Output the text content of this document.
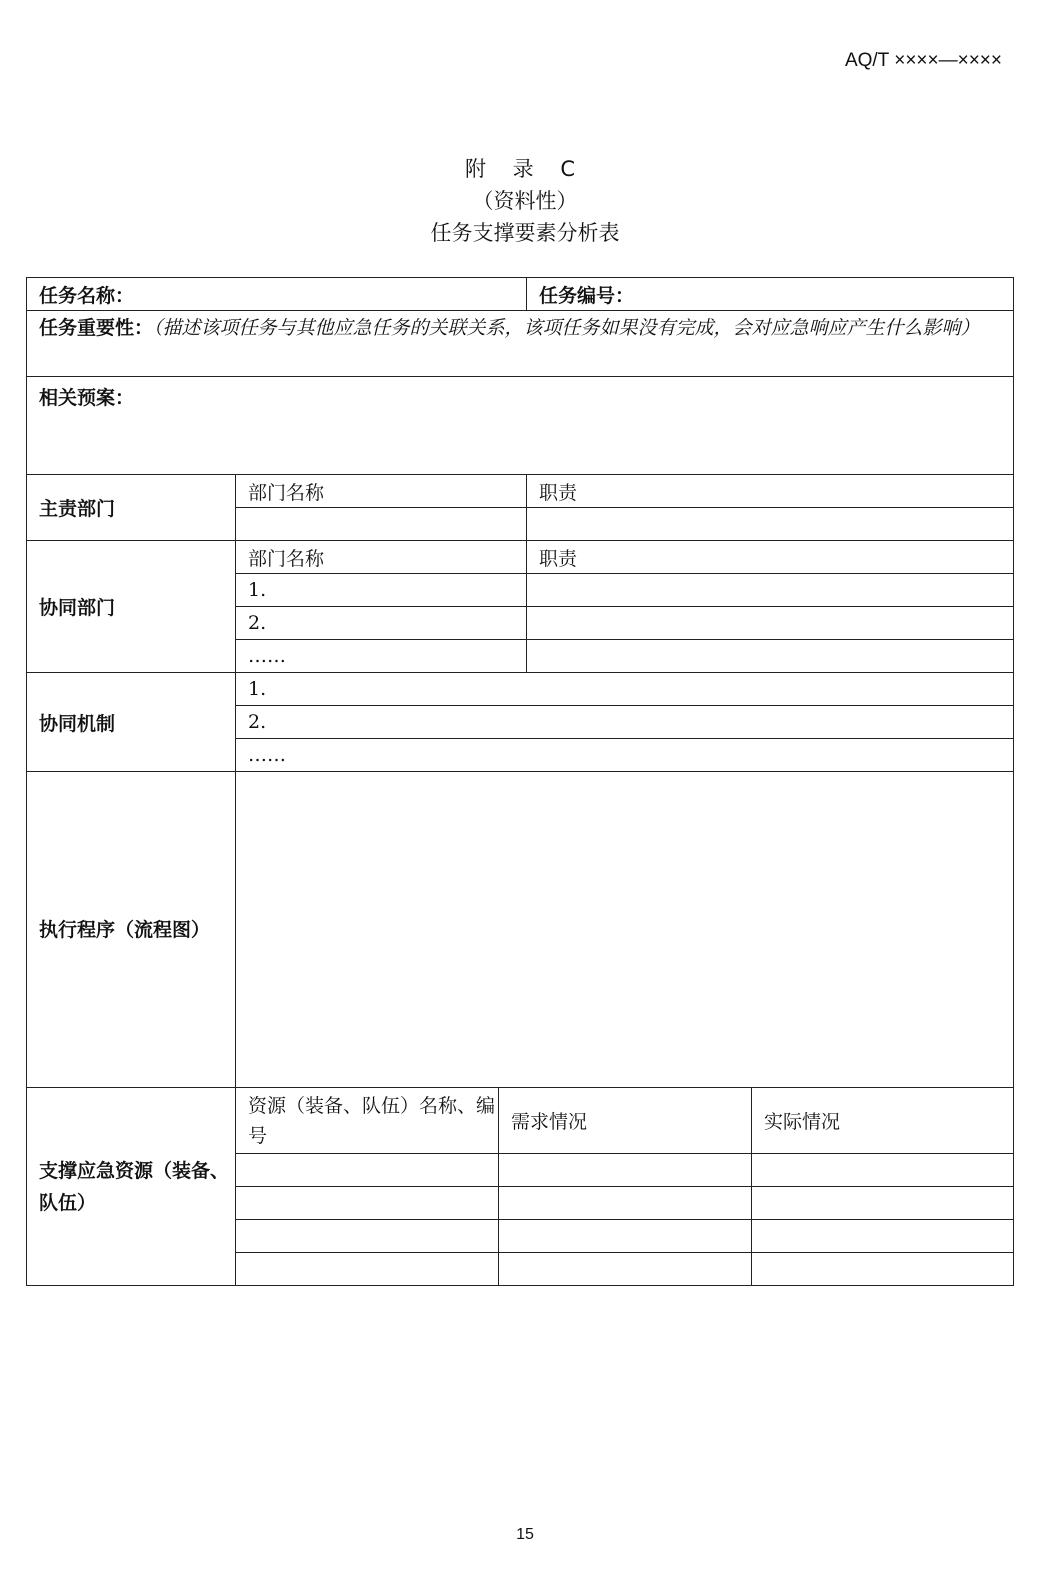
AQ/T ××××—××××
附 录 C
（资料性）
任务支撑要素分析表
任务名称：			任务编号：	
任务重要性：（描述该项任务与其他应急任务的关联关系，该项任务如果没有完成，会对应急响应产生什么影响）				
相关预案：				
主责部门	部门名称		职责	

协同部门	部门名称		职责	
	1.			
	2.			
	……			
协同机制	1.			
	2.			
	……			
执行程序（流程图）				
支撑应急资源（装备、队伍）	资源（装备、队伍）名称、编号	需求情况		实际情况

15
